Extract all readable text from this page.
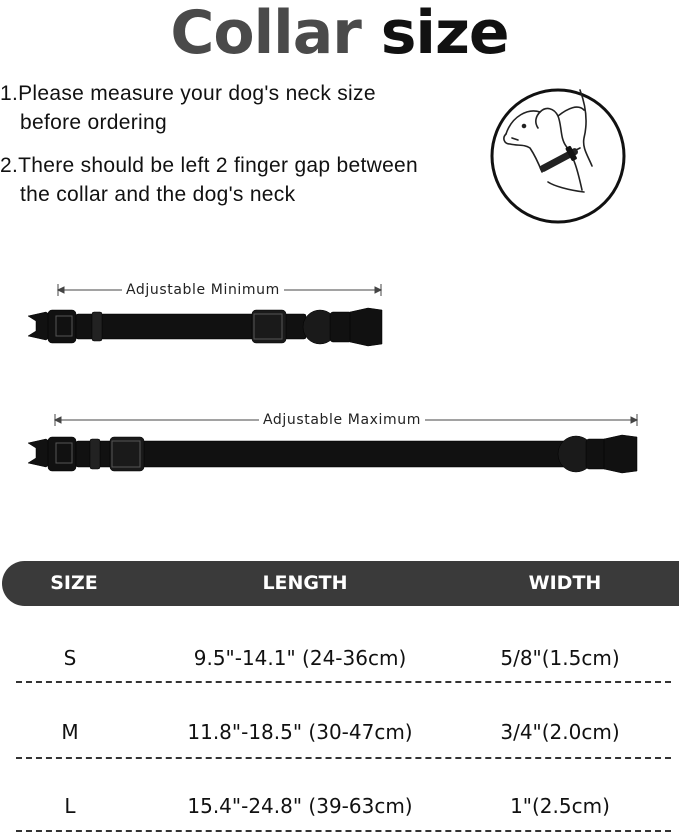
Collar size
1.Please measure your dog's neck size
before ordering
2.There should be left 2 finger gap between
the collar and the dog's neck
Adjustable Minimum
Adjustable Maximum
SIZE	LENGTH	WIDTH
S	9.5"-14.1" (24-36cm)	5/8"(1.5cm)
M	11.8"-18.5" (30-47cm)	3/4"(2.0cm)
L	15.4"-24.8" (39-63cm)	1"(2.5cm)
